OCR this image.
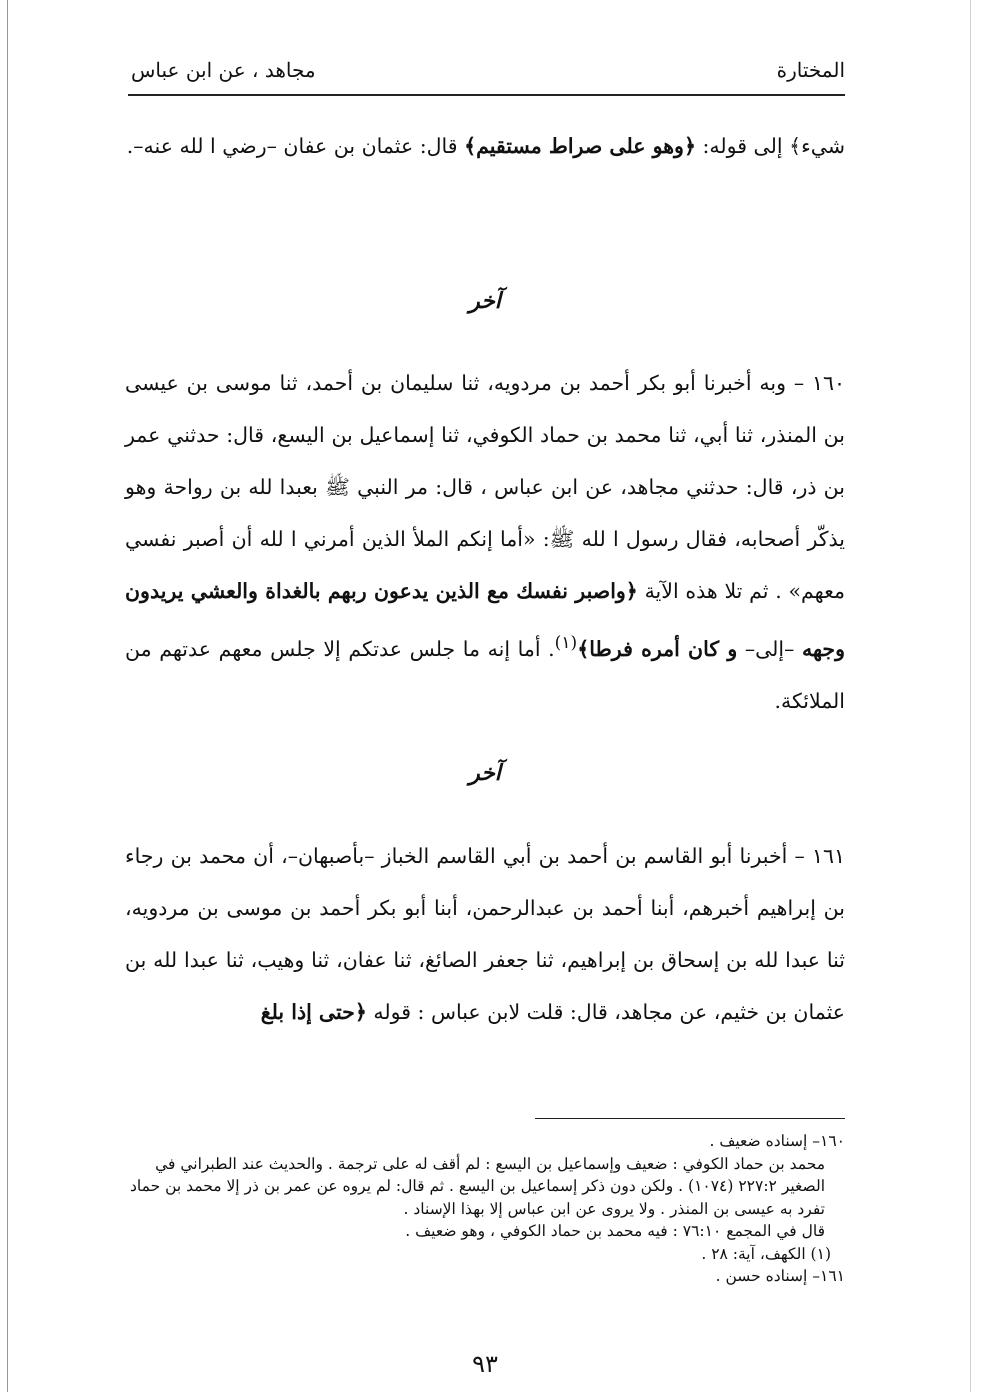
المختارة
مجاهد ، عن ابن عباس

شيء﴾ إلى قوله: ﴿وهو على صراط مستقيم﴾ قال: عثمان بن عفان –رضي ا لله عنه–.

آخر

١٦٠ – وبه أخبرنا أبو بكر أحمد بن مردويه، ثنا سليمان بن أحمد، ثنا موسى بن عيسى بن المنذر، ثنا أبي، ثنا محمد بن حماد الكوفي، ثنا إسماعيل بن اليسع، قال: حدثني عمر بن ذر، قال: حدثني مجاهد، عن ابن عباس ، قال: مر النبي ﷺ بعبدا لله بن رواحة وهو يذكّر أصحابه، فقال رسول ا لله ﷺ: «أما إنكم الملأ الذين أمرني ا لله أن أصبر نفسي معهم» . ثم تلا هذه الآية ﴿واصبر نفسك مع الذين يدعون ربهم بالغداة والعشي يريدون وجهه –إلى– و كان أمره فرطا﴾$^{(١)}$. أما إنه ما جلس عدتكم إلا جلس معهم عدتهم من الملائكة.

آخر

١٦١ – أخبرنا أبو القاسم بن أحمد بن أبي القاسم الخباز –بأصبهان–، أن محمد بن رجاء بن إبراهيم أخبرهم، أبنا أحمد بن عبدالرحمن، أبنا أبو بكر أحمد بن موسى بن مردويه، ثنا عبدا لله بن إسحاق بن إبراهيم، ثنا جعفر الصائغ، ثنا عفان، ثنا وهيب، ثنا عبدا لله بن عثمان بن خثيم، عن مجاهد، قال: قلت لابن عباس : قوله ﴿حتى إذا بلغ

١٦٠– إسناده ضعيف .

محمد بن حماد الكوفي : ضعيف وإسماعيل بن اليسع : لم أقف له على ترجمة . والحديث عند الطبراني في الصغير ٢٢٧:٢ (١٠٧٤) . ولكن دون ذكر إسماعيل بن اليسع . ثم قال: لم يروه عن عمر بن ذر إلا محمد بن حماد تفرد به عيسى بن المنذر . ولا يروى عن ابن عباس إلا بهذا الإسناد .

قال في المجمع ٧٦:١٠ : فيه محمد بن حماد الكوفي ، وهو ضعيف .

(١) الكهف، آية: ٢٨ .

١٦١– إسناده حسن .

٩٣
